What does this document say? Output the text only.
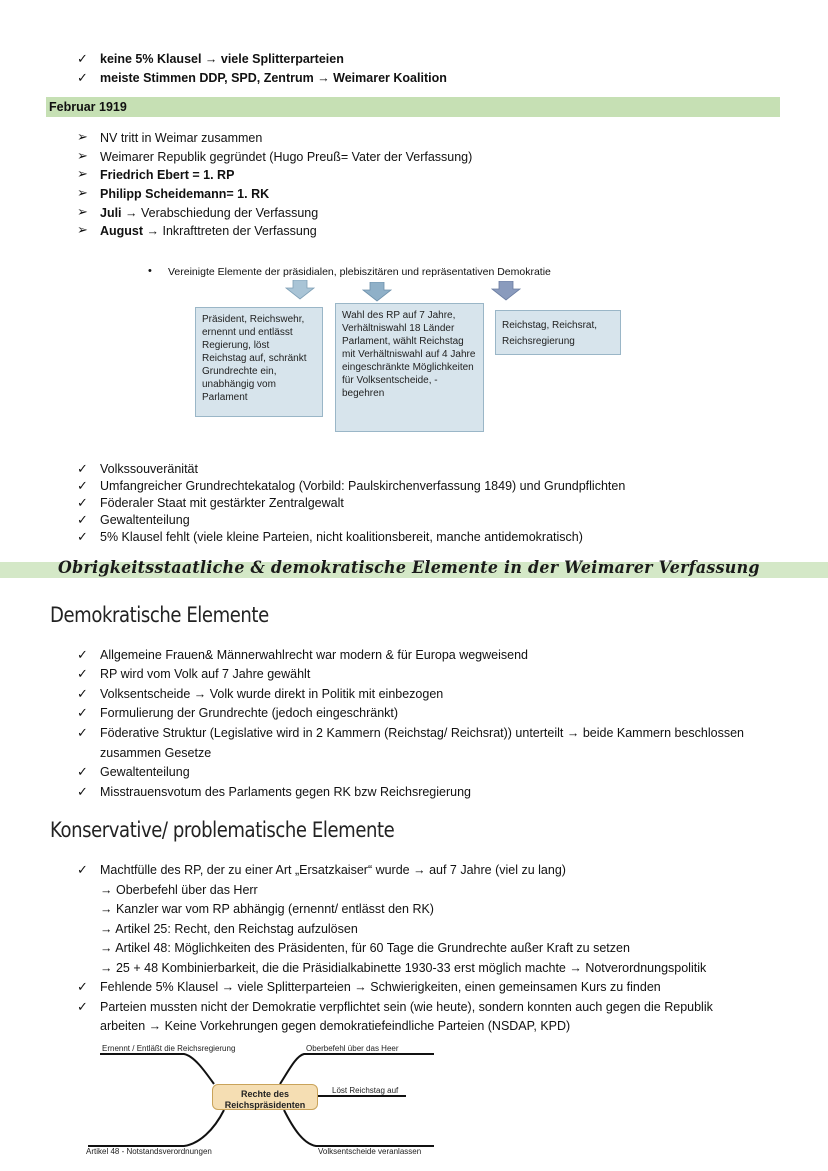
✓ keine 5% Klausel → viele Splitterparteien
✓ meiste Stimmen DDP, SPD, Zentrum → Weimarer Koalition
Februar 1919
➢ NV tritt in Weimar zusammen
➢ Weimarer Republik gegründet (Hugo Preuß= Vater der Verfassung)
➢ Friedrich Ebert = 1. RP
➢ Philipp Scheidemann= 1. RK
➢ Juli → Verabschiedung der Verfassung
➢ August → Inkrafttreten der Verfassung
• Vereinigte Elemente der präsidialen, plebiszitären und repräsentativen Demokratie
Präsident, Reichswehr, ernennt und entlässt Regierung, löst Reichstag auf, schränkt Grundrechte ein, unabhängig vom Parlament
Wahl des RP auf 7 Jahre, Verhältniswahl 18 Länder Parlament, wählt Reichstag mit Verhältniswahl auf 4 Jahre eingeschränkte Möglichkeiten für Volksentscheide, - begehren
Reichstag, Reichsrat, Reichsregierung
✓ Volkssouveränität
✓ Umfangreicher Grundrechtekatalog (Vorbild: Paulskirchenverfassung 1849) und Grundpflichten
✓ Föderaler Staat mit gestärkter Zentralgewalt
✓ Gewaltenteilung
✓ 5% Klausel fehlt (viele kleine Parteien, nicht koalitionsbereit, manche antidemokratisch)
Obrigkeitsstaatliche & demokratische Elemente in der Weimarer Verfassung
Demokratische Elemente
✓ Allgemeine Frauen& Männerwahlrecht war modern & für Europa wegweisend
✓ RP wird vom Volk auf 7 Jahre gewählt
✓ Volksentscheide → Volk wurde direkt in Politik mit einbezogen
✓ Formulierung der Grundrechte (jedoch eingeschränkt)
✓ Föderative Struktur (Legislative wird in 2 Kammern (Reichstag/ Reichsrat)) unterteilt → beide Kammern beschlossen
zusammen Gesetze
✓ Gewaltenteilung
✓ Misstrauensvotum des Parlaments gegen RK bzw Reichsregierung
Konservative/ problematische Elemente
✓ Machtfülle des RP, der zu einer Art „Ersatzkaiser“ wurde → auf 7 Jahre (viel zu lang)
→ Oberbefehl über das Herr
→ Kanzler war vom RP abhängig (ernennt/ entlässt den RK)
→ Artikel 25: Recht, den Reichstag aufzulösen
→ Artikel 48: Möglichkeiten des Präsidenten, für 60 Tage die Grundrechte außer Kraft zu setzen
→ 25 + 48 Kombinierbarkeit, die die Präsidialkabinette 1930-33 erst möglich machte → Notverordnungspolitik
✓ Fehlende 5% Klausel → viele Splitterparteien → Schwierigkeiten, einen gemeinsamen Kurs zu finden
✓ Parteien mussten nicht der Demokratie verpflichtet sein (wie heute), sondern konnten auch gegen die Republik
arbeiten → Keine Vorkehrungen gegen demokratiefeindliche Parteien (NSDAP, KPD)
Rechte des
Reichspräsidenten
Ernennt / Entläßt die Reichsregierung	Oberbefehl über das Heer
Löst Reichstag auf
Artikel 48 - Notstandsverordnungen	Volksentscheide veranlassen
